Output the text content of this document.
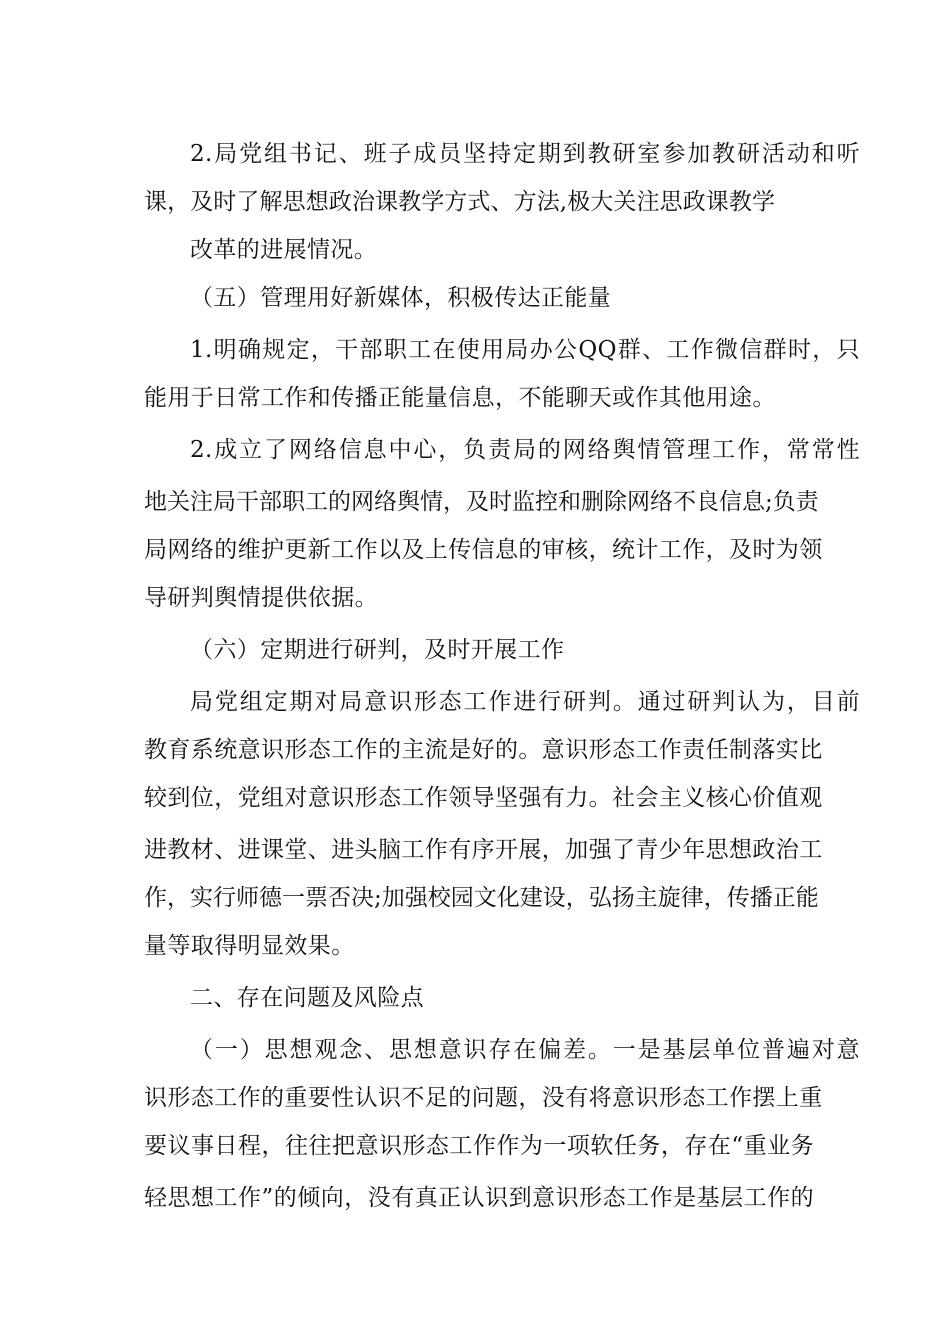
2.局党组书记、班子成员坚持定期到教研室参加教研活动和听
课，及时了解思想政治课教学方式、方法,极大关注思政课教学
改革的进展情况。
（五）管理用好新媒体，积极传达正能量
1.明确规定，干部职工在使用局办公QQ群、工作微信群时，只
能用于日常工作和传播正能量信息，不能聊天或作其他用途。
2.成立了网络信息中心，负责局的网络舆情管理工作，常常性
地关注局干部职工的网络舆情，及时监控和删除网络不良信息;负责
局网络的维护更新工作以及上传信息的审核，统计工作，及时为领
导研判舆情提供依据。
（六）定期进行研判，及时开展工作
局党组定期对局意识形态工作进行研判。通过研判认为，目前
教育系统意识形态工作的主流是好的。意识形态工作责任制落实比
较到位，党组对意识形态工作领导坚强有力。社会主义核心价值观
进教材、进课堂、进头脑工作有序开展，加强了青少年思想政治工
作，实行师德一票否决;加强校园文化建设，弘扬主旋律，传播正能
量等取得明显效果。
二、存在问题及风险点
（一）思想观念、思想意识存在偏差。一是基层单位普遍对意
识形态工作的重要性认识不足的问题，没有将意识形态工作摆上重
要议事日程，往往把意识形态工作作为一项软任务，存在“重业务
轻思想工作”的倾向，没有真正认识到意识形态工作是基层工作的
